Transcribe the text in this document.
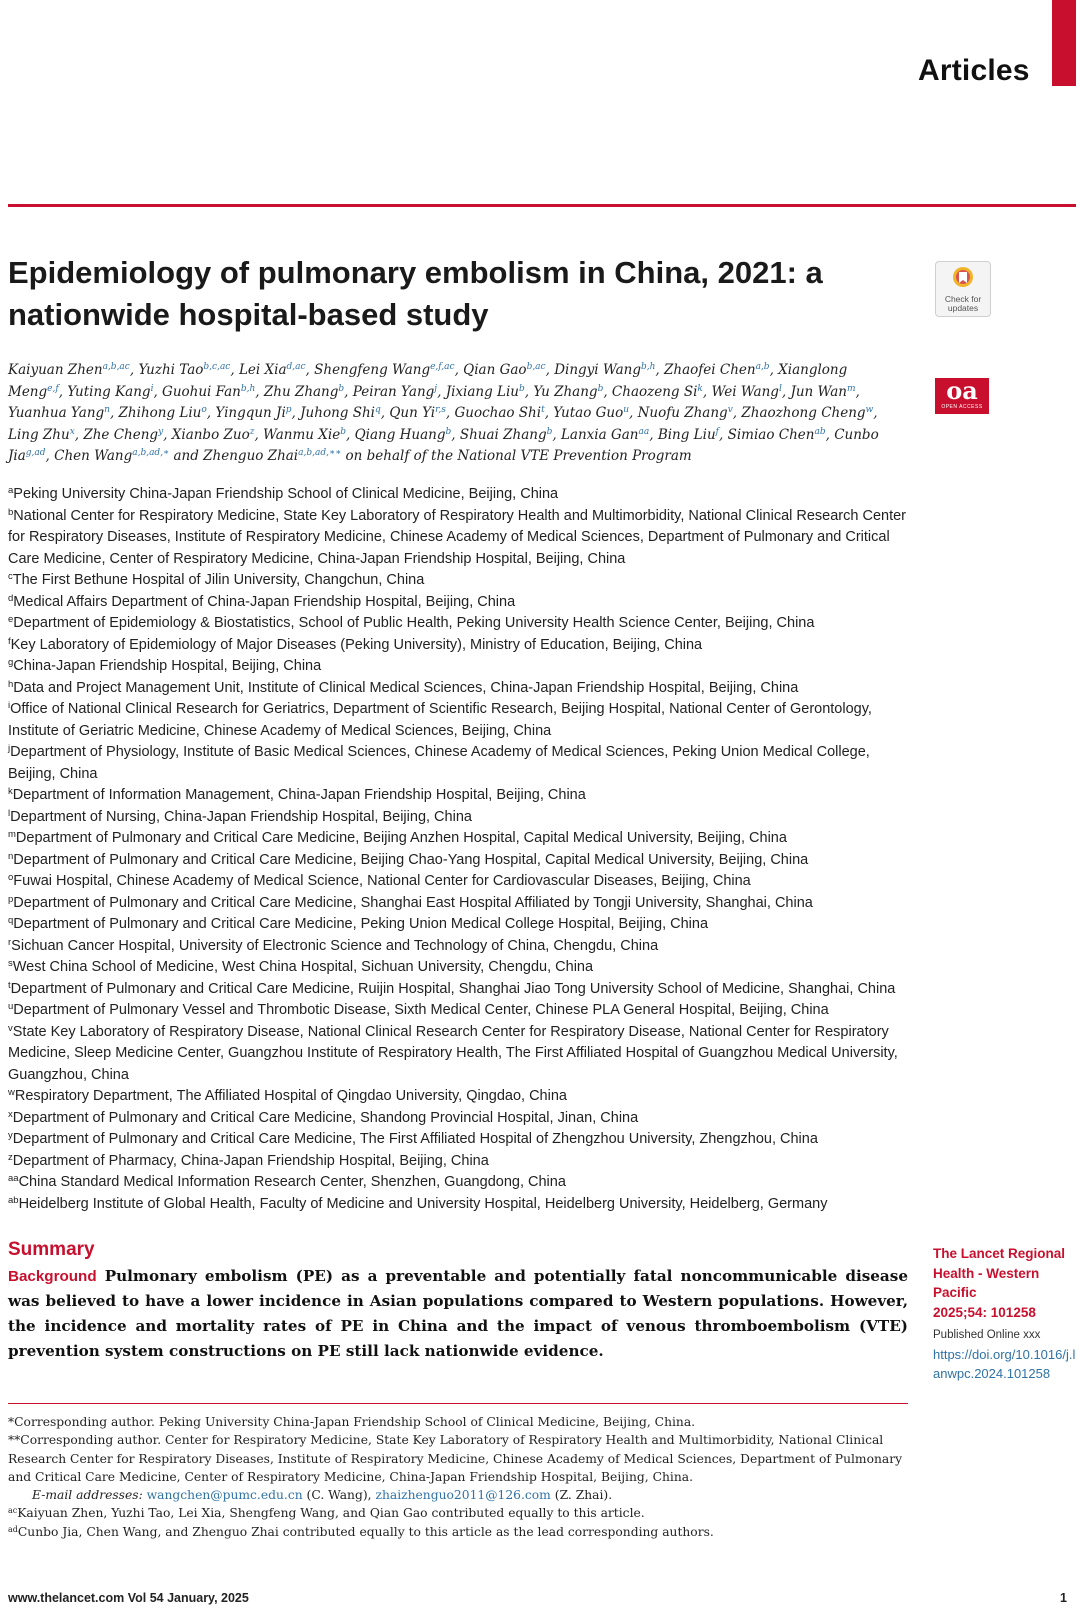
Articles
Epidemiology of pulmonary embolism in China, 2021: a nationwide hospital-based study	Check for updates
oa
OPEN ACCESS
Kaiyuan Zhen$^{a,b,ac}$, Yuzhi Tao$^{b,c,ac}$, Lei Xia$^{d,ac}$, Shengfeng Wang$^{e,f,ac}$, Qian Gao$^{b,ac}$, Dingyi Wang$^{b,h}$, Zhaofei Chen$^{a,b}$, Xianglong Meng$^{e,f}$, Yuting Kang$^i$, Guohui Fan$^{b,h}$, Zhu Zhang$^b$, Peiran Yang$^j$, Jixiang Liu$^b$, Yu Zhang$^b$, Chaozeng Si$^k$, Wei Wang$^l$, Jun Wan$^m$, Yuanhua Yang$^n$, Zhihong Liu$^o$, Yingqun Ji$^p$, Juhong Shi$^q$, Qun Yi$^{r,s}$, Guochao Shi$^t$, Yutao Guo$^u$, Nuofu Zhang$^v$, Zhaozhong Cheng$^w$, Ling Zhu$^x$, Zhe Cheng$^y$, Xianbo Zuo$^z$, Wanmu Xie$^b$, Qiang Huang$^b$, Shuai Zhang$^b$, Lanxia Gan$^{aa}$, Bing Liu$^f$, Simiao Chen$^{ab}$, Cunbo Jia$^{g,ad}$, Chen Wang$^{a,b,ad,∗}$ and Zhenguo Zhai$^{a,b,ad,∗∗}$ on behalf of the National VTE Prevention Program

$^a$Peking University China-Japan Friendship School of Clinical Medicine, Beijing, China

$^b$National Center for Respiratory Medicine, State Key Laboratory of Respiratory Health and Multimorbidity, National Clinical Research Center for Respiratory Diseases, Institute of Respiratory Medicine, Chinese Academy of Medical Sciences, Department of Pulmonary and Critical Care Medicine, Center of Respiratory Medicine, China-Japan Friendship Hospital, Beijing, China

$^c$The First Bethune Hospital of Jilin University, Changchun, China

$^d$Medical Affairs Department of China-Japan Friendship Hospital, Beijing, China

$^e$Department of Epidemiology & Biostatistics, School of Public Health, Peking University Health Science Center, Beijing, China

$^f$Key Laboratory of Epidemiology of Major Diseases (Peking University), Ministry of Education, Beijing, China

$^g$China-Japan Friendship Hospital, Beijing, China

$^h$Data and Project Management Unit, Institute of Clinical Medical Sciences, China-Japan Friendship Hospital, Beijing, China

$^i$Office of National Clinical Research for Geriatrics, Department of Scientific Research, Beijing Hospital, National Center of Gerontology, Institute of Geriatric Medicine, Chinese Academy of Medical Sciences, Beijing, China

$^j$Department of Physiology, Institute of Basic Medical Sciences, Chinese Academy of Medical Sciences, Peking Union Medical College, Beijing, China

$^k$Department of Information Management, China-Japan Friendship Hospital, Beijing, China

$^l$Department of Nursing, China-Japan Friendship Hospital, Beijing, China

$^m$Department of Pulmonary and Critical Care Medicine, Beijing Anzhen Hospital, Capital Medical University, Beijing, China

$^n$Department of Pulmonary and Critical Care Medicine, Beijing Chao-Yang Hospital, Capital Medical University, Beijing, China

$^o$Fuwai Hospital, Chinese Academy of Medical Science, National Center for Cardiovascular Diseases, Beijing, China

$^p$Department of Pulmonary and Critical Care Medicine, Shanghai East Hospital Affiliated by Tongji University, Shanghai, China

$^q$Department of Pulmonary and Critical Care Medicine, Peking Union Medical College Hospital, Beijing, China

$^r$Sichuan Cancer Hospital, University of Electronic Science and Technology of China, Chengdu, China

$^s$West China School of Medicine, West China Hospital, Sichuan University, Chengdu, China

$^t$Department of Pulmonary and Critical Care Medicine, Ruijin Hospital, Shanghai Jiao Tong University School of Medicine, Shanghai, China

$^u$Department of Pulmonary Vessel and Thrombotic Disease, Sixth Medical Center, Chinese PLA General Hospital, Beijing, China

$^v$State Key Laboratory of Respiratory Disease, National Clinical Research Center for Respiratory Disease, National Center for Respiratory Medicine, Sleep Medicine Center, Guangzhou Institute of Respiratory Health, The First Affiliated Hospital of Guangzhou Medical University, Guangzhou, China

$^w$Respiratory Department, The Affiliated Hospital of Qingdao University, Qingdao, China

$^x$Department of Pulmonary and Critical Care Medicine, Shandong Provincial Hospital, Jinan, China

$^y$Department of Pulmonary and Critical Care Medicine, The First Affiliated Hospital of Zhengzhou University, Zhengzhou, China

$^z$Department of Pharmacy, China-Japan Friendship Hospital, Beijing, China

$^{aa}$China Standard Medical Information Research Center, Shenzhen, Guangdong, China

$^{ab}$Heidelberg Institute of Global Health, Faculty of Medicine and University Hospital, Heidelberg University, Heidelberg, Germany

Summary
Background Pulmonary embolism (PE) as a preventable and potentially fatal noncommunicable disease was believed to have a lower incidence in Asian populations compared to Western populations. However, the incidence and mortality rates of PE in China and the impact of venous thromboembolism (VTE) prevention system constructions on PE still lack nationwide evidence.
The Lancet Regional Health - Western Pacific
2025;54: 101258
Published Online xxx
https://doi.org/10.1016/j.lanwpc.2024.101258

*Corresponding author. Peking University China-Japan Friendship School of Clinical Medicine, Beijing, China.

**Corresponding author. Center for Respiratory Medicine, State Key Laboratory of Respiratory Health and Multimorbidity, National Clinical Research Center for Respiratory Diseases, Institute of Respiratory Medicine, Chinese Academy of Medical Sciences, Department of Pulmonary and Critical Care Medicine, Center of Respiratory Medicine, China-Japan Friendship Hospital, Beijing, China.

E-mail addresses: wangchen@pumc.edu.cn (C. Wang), zhaizhenguo2011@126.com (Z. Zhai).

$^{ac}$Kaiyuan Zhen, Yuzhi Tao, Lei Xia, Shengfeng Wang, and Qian Gao contributed equally to this article.

$^{ad}$Cunbo Jia, Chen Wang, and Zhenguo Zhai contributed equally to this article as the lead corresponding authors.

www.thelancet.com Vol 54 January, 2025	1
